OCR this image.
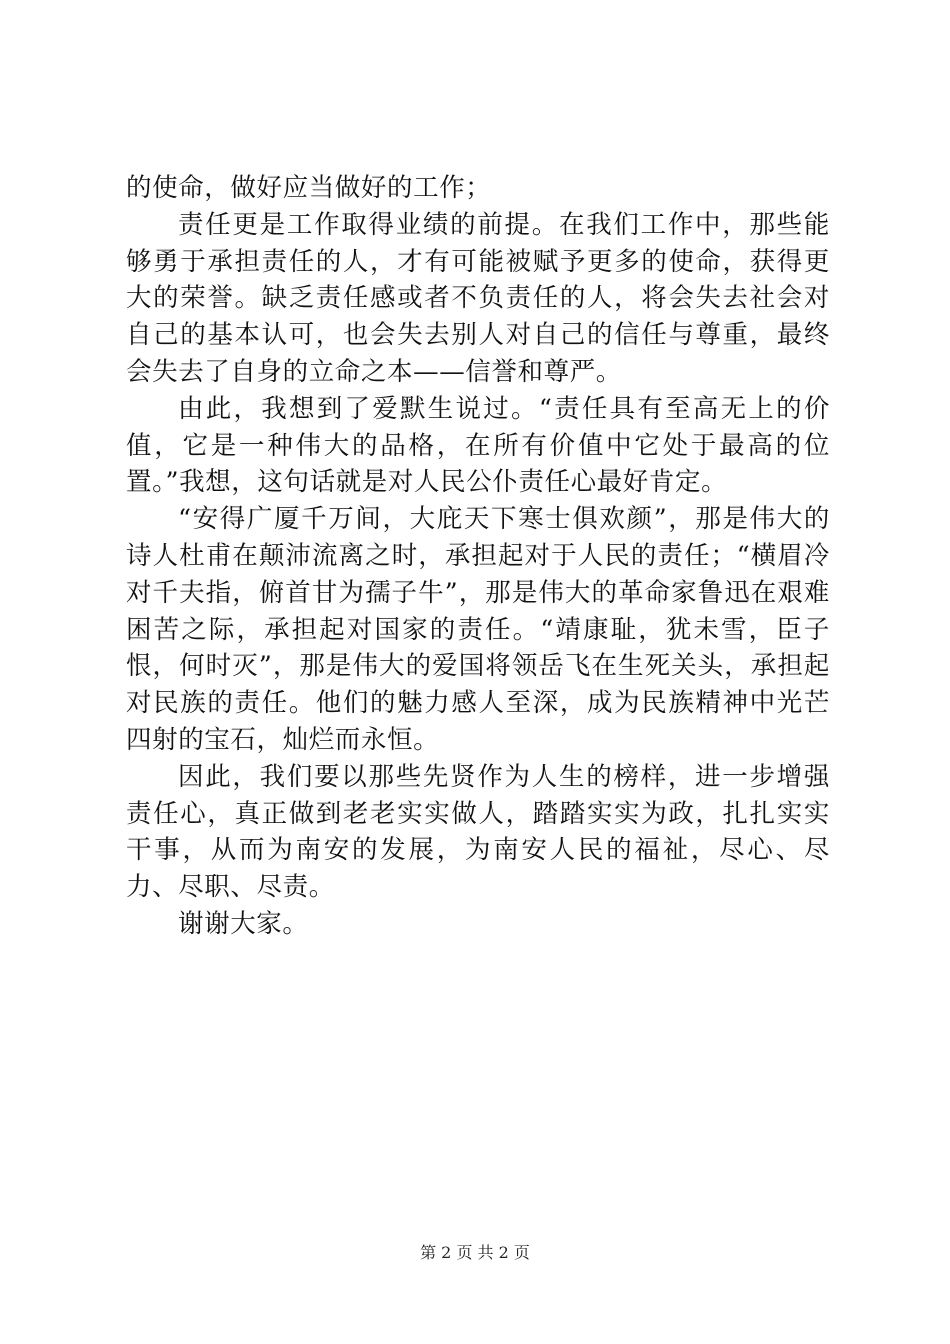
的使命，做好应当做好的工作；

责任更是工作取得业绩的前提。在我们工作中，那些能够勇于承担责任的人，才有可能被赋予更多的使命，获得更大的荣誉。缺乏责任感或者不负责任的人，将会失去社会对自己的基本认可，也会失去别人对自己的信任与尊重，最终会失去了自身的立命之本——信誉和尊严。

由此，我想到了爱默生说过。“责任具有至高无上的价值，它是一种伟大的品格，在所有价值中它处于最高的位置。”我想，这句话就是对人民公仆责任心最好肯定。

“安得广厦千万间，大庇天下寒士俱欢颜”，那是伟大的诗人杜甫在颠沛流离之时，承担起对于人民的责任；“横眉冷对千夫指，俯首甘为孺子牛”，那是伟大的革命家鲁迅在艰难困苦之际，承担起对国家的责任。“靖康耻，犹未雪，臣子恨，何时灭”，那是伟大的爱国将领岳飞在生死关头，承担起对民族的责任。他们的魅力感人至深，成为民族精神中光芒四射的宝石，灿烂而永恒。

因此，我们要以那些先贤作为人生的榜样，进一步增强责任心，真正做到老老实实做人，踏踏实实为政，扎扎实实干事，从而为南安的发展，为南安人民的福祉，尽心、尽力、尽职、尽责。

谢谢大家。

第 2 页 共 2 页
